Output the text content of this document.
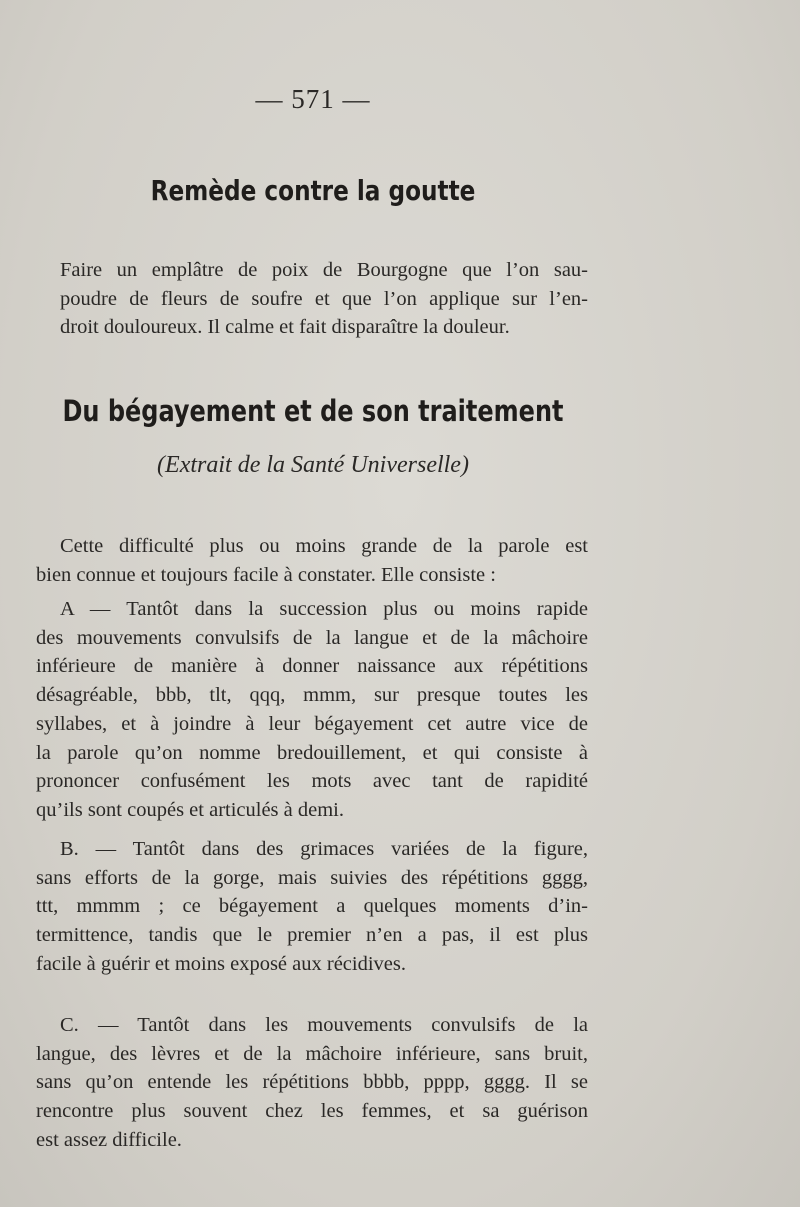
— 571 —
Remède contre la goutte
Faire un emplâtre de poix de Bourgogne que l’on sau-
poudre de fleurs de soufre et que l’on applique sur l’en-
droit douloureux. Il calme et fait disparaître la douleur.
Du bégayement et de son traitement
(Extrait de la Santé Universelle)
Cette difficulté plus ou moins grande de la parole est
bien connue et toujours facile à constater. Elle consiste :
A — Tantôt dans la succession plus ou moins rapide
des mouvements convulsifs de la langue et de la mâchoire
inférieure de manière à donner naissance aux répétitions
désagréable, bbb, tlt, qqq, mmm, sur presque toutes les
syllabes, et à joindre à leur bégayement cet autre vice de
la parole qu’on nomme bredouillement, et qui consiste à
prononcer confusément les mots avec tant de rapidité
qu’ils sont coupés et articulés à demi.
B. — Tantôt dans des grimaces variées de la figure,
sans efforts de la gorge, mais suivies des répétitions gggg,
ttt, mmmm ; ce bégayement a quelques moments d’in-
termittence, tandis que le premier n’en a pas, il est plus
facile à guérir et moins exposé aux récidives.
C. — Tantôt dans les mouvements convulsifs de la
langue, des lèvres et de la mâchoire inférieure, sans bruit,
sans qu’on entende les répétitions bbbb, pppp, gggg. Il se
rencontre plus souvent chez les femmes, et sa guérison
est assez difficile.
